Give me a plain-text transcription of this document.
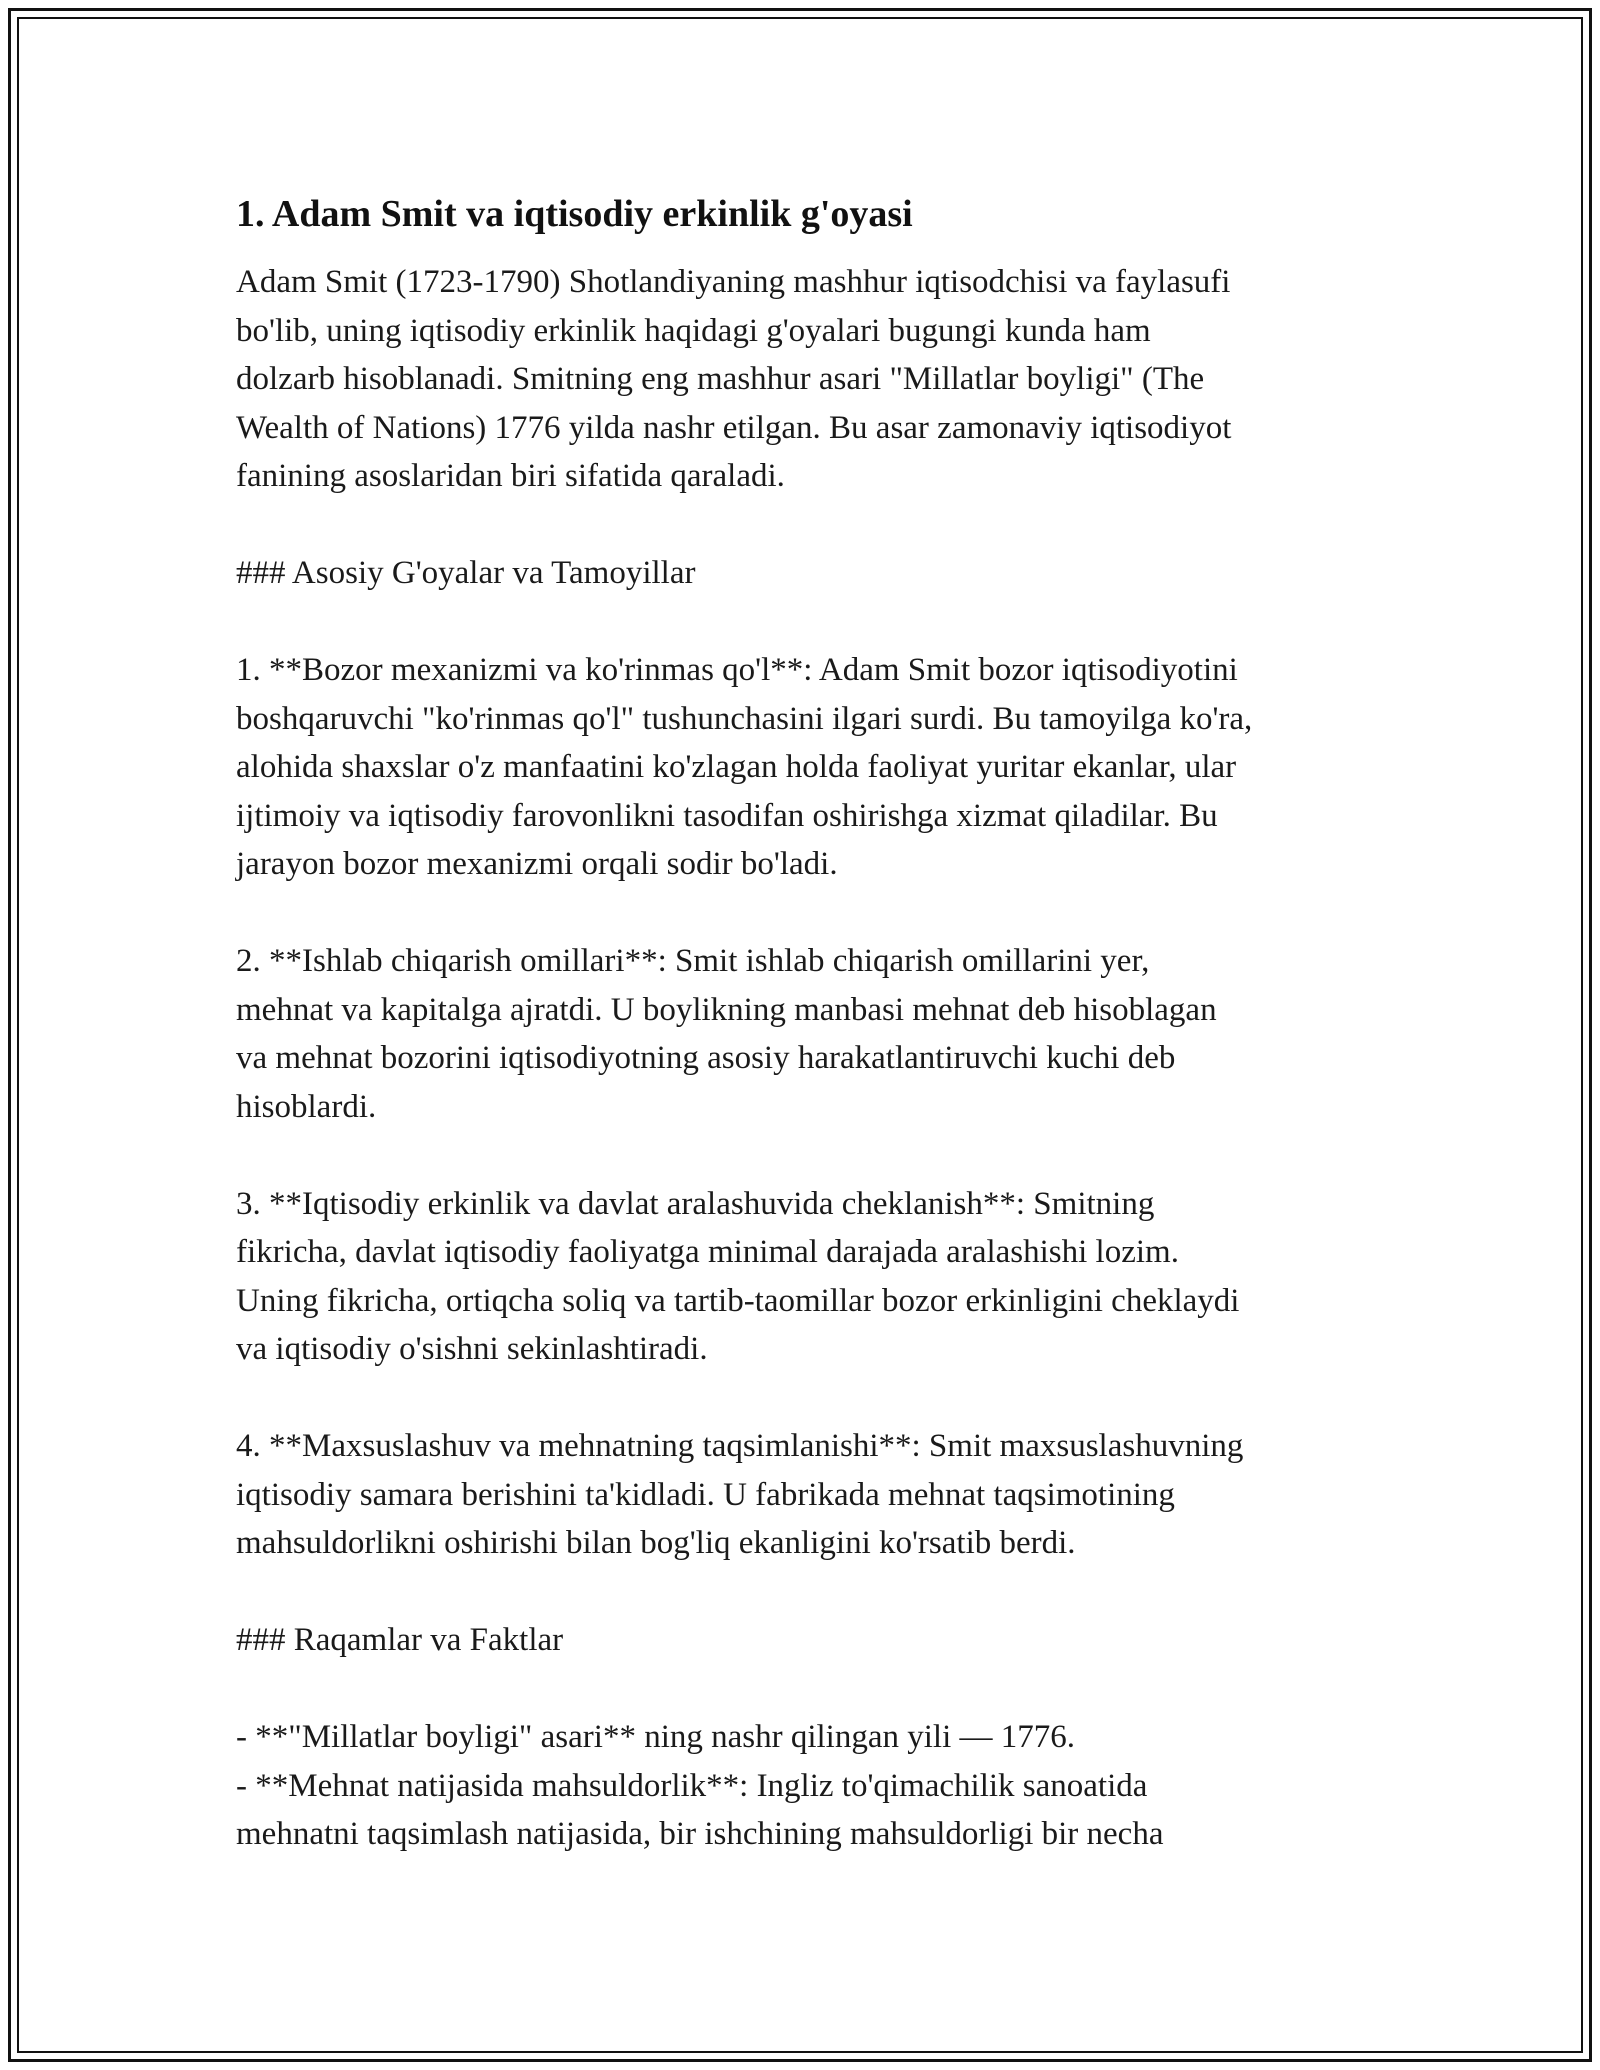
1. Adam Smit va iqtisodiy erkinlik g'oyasi
Adam Smit (1723-1790) Shotlandiyaning mashhur iqtisodchisi va faylasufi
bo'lib, uning iqtisodiy erkinlik haqidagi g'oyalari bugungi kunda ham
dolzarb hisoblanadi. Smitning eng mashhur asari "Millatlar boyligi" (The
Wealth of Nations) 1776 yilda nashr etilgan. Bu asar zamonaviy iqtisodiyot
fanining asoslaridan biri sifatida qaraladi.
### Asosiy G'oyalar va Tamoyillar
1. **Bozor mexanizmi va ko'rinmas qo'l**: Adam Smit bozor iqtisodiyotini
boshqaruvchi "ko'rinmas qo'l" tushunchasini ilgari surdi. Bu tamoyilga ko'ra,
alohida shaxslar o'z manfaatini ko'zlagan holda faoliyat yuritar ekanlar, ular
ijtimoiy va iqtisodiy farovonlikni tasodifan oshirishga xizmat qiladilar. Bu
jarayon bozor mexanizmi orqali sodir bo'ladi.
2. **Ishlab chiqarish omillari**: Smit ishlab chiqarish omillarini yer,
mehnat va kapitalga ajratdi. U boylikning manbasi mehnat deb hisoblagan
va mehnat bozorini iqtisodiyotning asosiy harakatlantiruvchi kuchi deb
hisoblardi.
3. **Iqtisodiy erkinlik va davlat aralashuvida cheklanish**: Smitning
fikricha, davlat iqtisodiy faoliyatga minimal darajada aralashishi lozim.
Uning fikricha, ortiqcha soliq va tartib-taomillar bozor erkinligini cheklaydi
va iqtisodiy o'sishni sekinlashtiradi.
4. **Maxsuslashuv va mehnatning taqsimlanishi**: Smit maxsuslashuvning
iqtisodiy samara berishini ta'kidladi. U fabrikada mehnat taqsimotining
mahsuldorlikni oshirishi bilan bog'liq ekanligini ko'rsatib berdi.
### Raqamlar va Faktlar
- **"Millatlar boyligi" asari** ning nashr qilingan yili — 1776.
- **Mehnat natijasida mahsuldorlik**: Ingliz to'qimachilik sanoatida
mehnatni taqsimlash natijasida, bir ishchining mahsuldorligi bir necha
